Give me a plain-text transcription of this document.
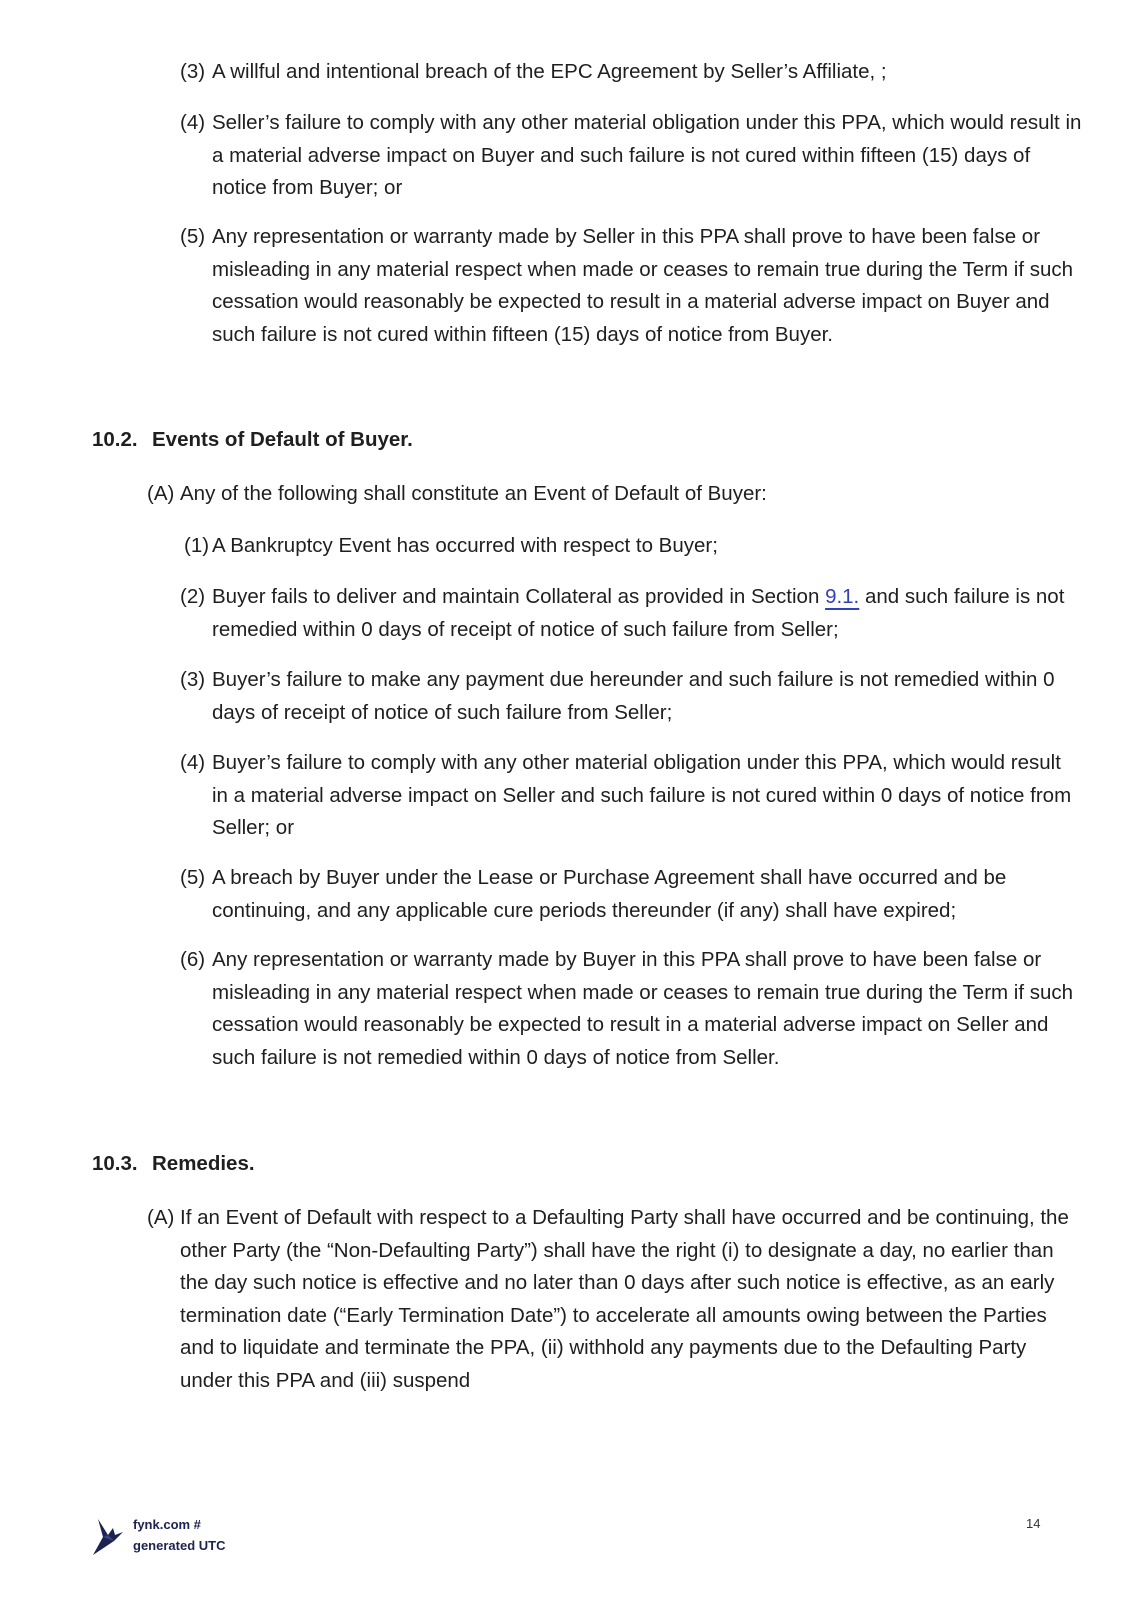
(3) A willful and intentional breach of the EPC Agreement by Seller’s Affiliate, ;
(4) Seller’s failure to comply with any other material obligation under this PPA, which would result in a material adverse impact on Buyer and such failure is not cured within fifteen (15) days of notice from Buyer; or
(5) Any representation or warranty made by Seller in this PPA shall prove to have been false or misleading in any material respect when made or ceases to remain true during the Term if such cessation would reasonably be expected to result in a material adverse impact on Buyer and such failure is not cured within fifteen (15) days of notice from Buyer.
10.2. Events of Default of Buyer.
(A) Any of the following shall constitute an Event of Default of Buyer:
(1) A Bankruptcy Event has occurred with respect to Buyer;
(2) Buyer fails to deliver and maintain Collateral as provided in Section 9.1. and such failure is not remedied within 0 days of receipt of notice of such failure from Seller;
(3) Buyer’s failure to make any payment due hereunder and such failure is not remedied within 0 days of receipt of notice of such failure from Seller;
(4) Buyer’s failure to comply with any other material obligation under this PPA, which would result in a material adverse impact on Seller and such failure is not cured within 0 days of notice from Seller; or
(5) A breach by Buyer under the Lease or Purchase Agreement shall have occurred and be continuing, and any applicable cure periods thereunder (if any) shall have expired;
(6) Any representation or warranty made by Buyer in this PPA shall prove to have been false or misleading in any material respect when made or ceases to remain true during the Term if such cessation would reasonably be expected to result in a material adverse impact on Seller and such failure is not remedied within 0 days of notice from Seller.
10.3. Remedies.
(A) If an Event of Default with respect to a Defaulting Party shall have occurred and be continuing, the other Party (the “Non-Defaulting Party”) shall have the right (i) to designate a day, no earlier than the day such notice is effective and no later than 0 days after such notice is effective, as an early termination date (“Early Termination Date”) to accelerate all amounts owing between the Parties and to liquidate and terminate the PPA, (ii) withhold any payments due to the Defaulting Party under this PPA and (iii) suspend
fynk.com #
generated UTC
14
